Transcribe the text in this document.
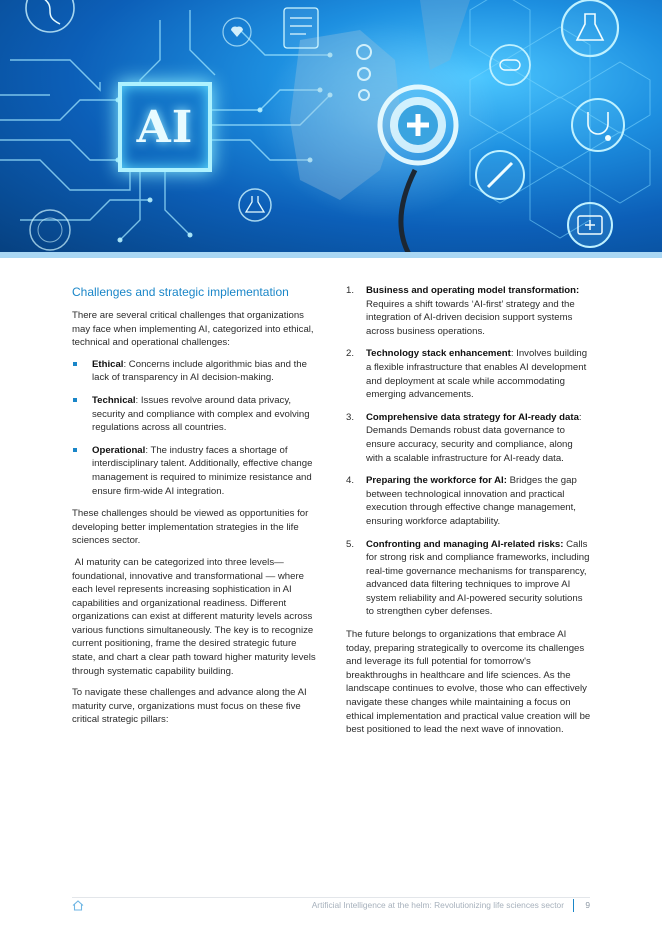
AI
Challenges and strategic implementation

There are several critical challenges that organizations may face when implementing AI, categorized into ethical, technical and operational challenges:

Ethical: Concerns include algorithmic bias and the lack of transparency in AI decision-making.
Technical: Issues revolve around data privacy, security and compliance with complex and evolving regulations across all countries.
Operational: The industry faces a shortage of interdisciplinary talent. Additionally, effective change management is required to minimize resistance and ensure firm-wide AI integration.

These challenges should be viewed as opportunities for developing better implementation strategies in the life sciences sector.

AI maturity can be categorized into three levels—foundational, innovative and transformational — where each level represents increasing sophistication in AI capabilities and organizational readiness. Different organizations can exist at different maturity levels across various functions simultaneously. The key is to recognize current positioning, frame the desired strategic future state, and chart a clear path toward higher maturity levels through systematic capability building.

To navigate these challenges and advance along the AI maturity curve, organizations must focus on these five critical strategic pillars:

1. Business and operating model transformation: Requires a shift towards ‘AI-first’ strategy and the integration of AI-driven decision support systems across business operations.
2. Technology stack enhancement: Involves building a flexible infrastructure that enables AI development and deployment at scale while accommodating emerging advancements.
3. Comprehensive data strategy for AI-ready data: Demands Demands robust data governance to ensure accuracy, security and compliance, along with a scalable infrastructure for AI-ready data.
4. Preparing the workforce for AI: Bridges the gap between technological innovation and practical execution through effective change management, ensuring workforce adaptability.
5. Confronting and managing AI-related risks: Calls for strong risk and compliance frameworks, including real-time governance mechanisms for transparency, advanced data filtering techniques to improve AI system reliability and AI-powered security solutions to strengthen cyber defenses.

The future belongs to organizations that embrace AI today, preparing strategically to overcome its challenges and leverage its full potential for tomorrow's breakthroughs in healthcare and life sciences. As the landscape continues to evolve, those who can effectively navigate these changes while maintaining a focus on ethical implementation and practical value creation will be best positioned to lead the next wave of innovation.

Artificial Intelligence at the helm: Revolutionizing life sciences sector	9
